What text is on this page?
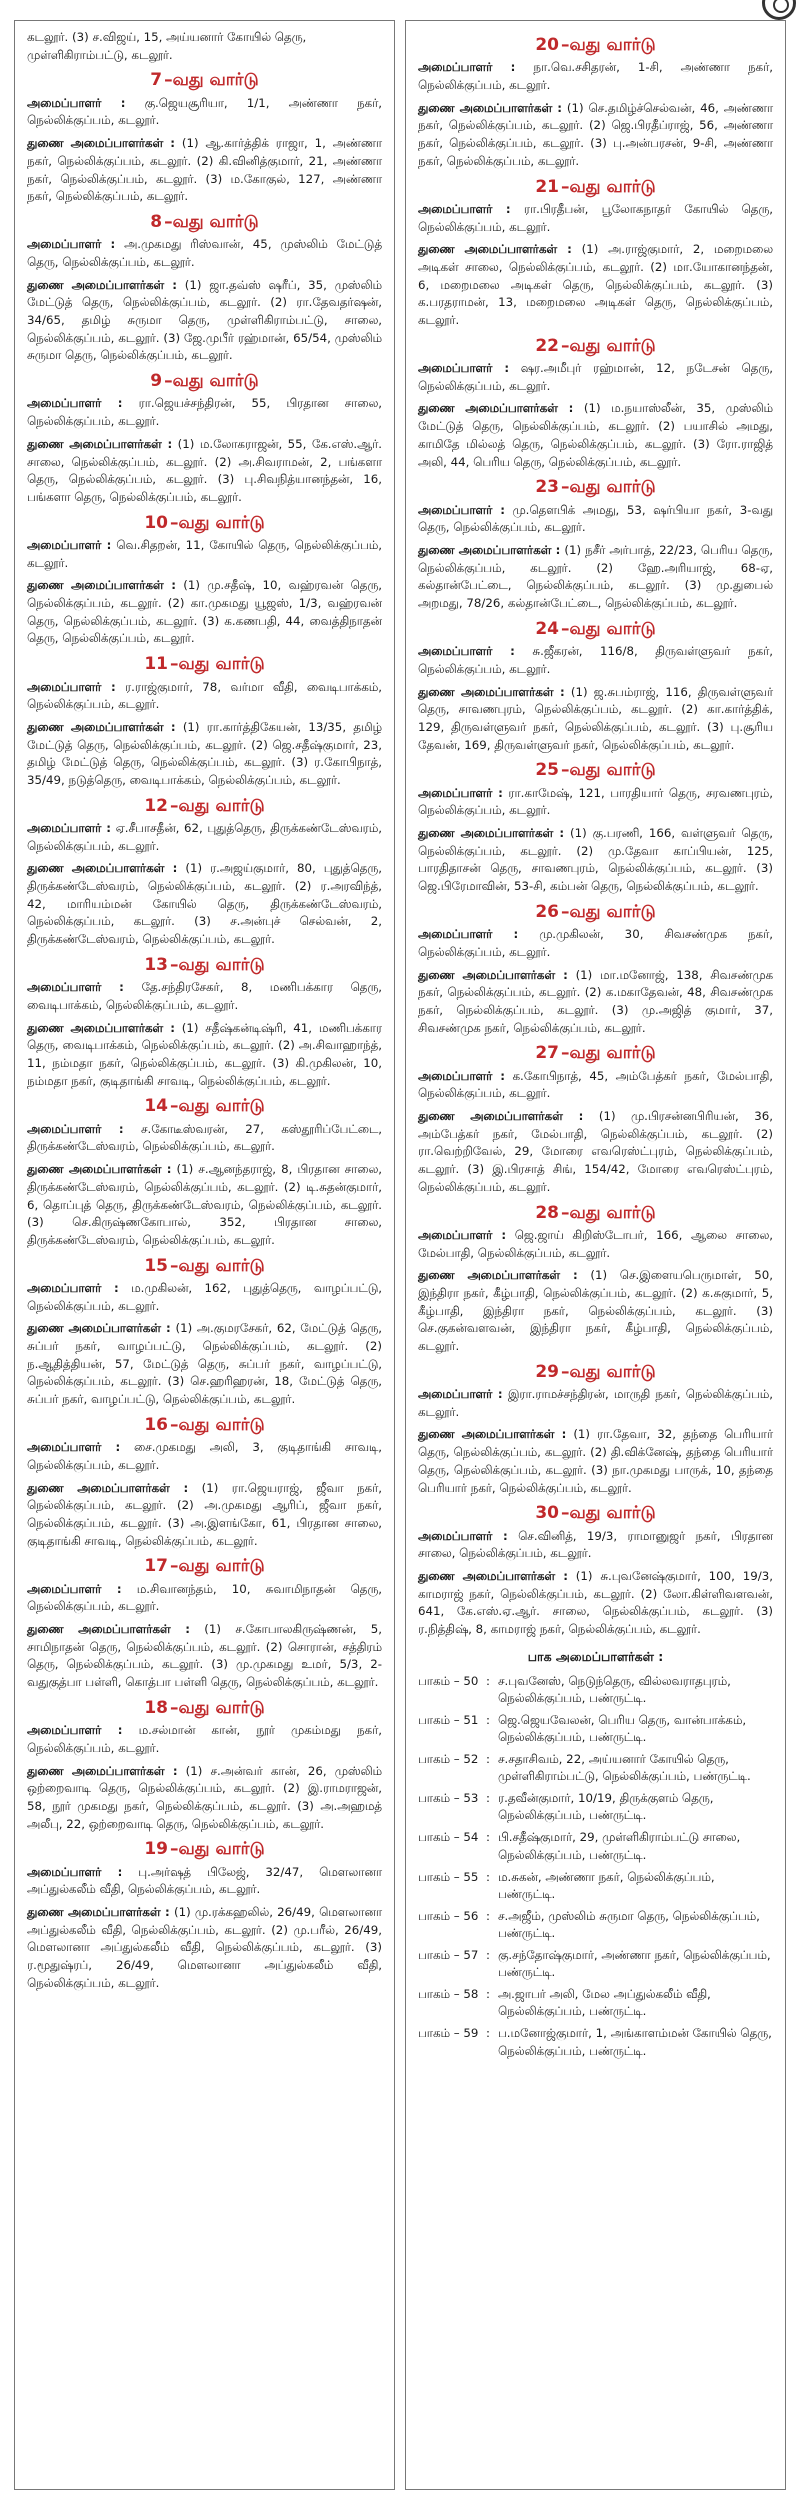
கடலூர். (3) ச.விஜய், 15, அய்யனார் கோயில் தெரு, முள்ளிகிராம்பட்டு, கடலூர்.

7 –வது வார்டு

அமைப்பாளர் : கு.ஜெயசூரியா, 1/1, அண்ணா நகர், நெல்லிக்குப்பம், கடலூர்.

துணை அமைப்பாளர்கள் : (1) ஆ.கார்த்திக் ராஜா, 1, அண்ணா நகர், நெல்லிக்குப்பம், கடலூர். (2) கி.வினித்குமார், 21, அண்ணா நகர், நெல்லிக்குப்பம், கடலூர். (3) ம.கோகுல், 127, அண்ணா நகர், நெல்லிக்குப்பம், கடலூர்.

8 –வது வார்டு

அமைப்பாளர் : அ.முகமது ரிஸ்வான், 45, முஸ்லிம் மேட்டுத் தெரு, நெல்லிக்குப்பம், கடலூர்.

துணை அமைப்பாளர்கள் : (1) ஜா.தவ்ஸ் ஷரீப், 35, முஸ்லிம் மேட்டுத் தெரு, நெல்லிக்குப்பம், கடலூர். (2) ரா.தேவதர்ஷன், 34/65, தமிழ் சுருமா தெரு, முள்ளிகிராம்பட்டு, சாலை, நெல்லிக்குப்பம், கடலூர். (3) ஜே.முபீர் ரஹ்மான், 65/54, முஸ்லிம் சுருமா தெரு, நெல்லிக்குப்பம், கடலூர்.

9 –வது வார்டு

அமைப்பாளர் : ரா.ஜெயச்சந்திரன், 55, பிரதான சாலை, நெல்லிக்குப்பம், கடலூர்.

துணை அமைப்பாளர்கள் : (1) ம.லோகராஜன், 55, கே.எஸ்.ஆர். சாலை, நெல்லிக்குப்பம், கடலூர். (2) அ.சிவராமன், 2, பங்களா தெரு, நெல்லிக்குப்பம், கடலூர். (3) பு.சிவநித்யானந்தன், 16, பங்களா தெரு, நெல்லிக்குப்பம், கடலூர்.

10 –வது வார்டு

அமைப்பாளர் : வெ.சிதறன், 11, கோயில் தெரு, நெல்லிக்குப்பம், கடலூர்.

துணை அமைப்பாளர்கள் : (1) மு.சதீஷ், 10, வஹ்ரவன் தெரு, நெல்லிக்குப்பம், கடலூர். (2) கா.முகமது யூஜஸ், 1/3, வஹ்ரவன் தெரு, நெல்லிக்குப்பம், கடலூர். (3) க.கணபதி, 44, வைத்திநாதன் தெரு, நெல்லிக்குப்பம், கடலூர்.

11 –வது வார்டு

அமைப்பாளர் : ர.ராஜ்குமார், 78, வர்மா வீதி, வைடிபாக்கம், நெல்லிக்குப்பம், கடலூர்.

துணை அமைப்பாளர்கள் : (1) ரா.கார்த்திகேயன், 13/35, தமிழ் மேட்டுத் தெரு, நெல்லிக்குப்பம், கடலூர். (2) ஜெ.சதீஷ்குமார், 23, தமிழ் மேட்டுத் தெரு, நெல்லிக்குப்பம், கடலூர். (3) ர.கோபிநாத், 35/49, நடுத்தெரு, வைடிபாக்கம், நெல்லிக்குப்பம், கடலூர்.

12 –வது வார்டு

அமைப்பாளர் : ஏ.சீபாசதீன், 62, புதுத்தெரு, திருக்கண்டேஸ்வரம், நெல்லிக்குப்பம், கடலூர்.

துணை அமைப்பாளர்கள் : (1) ர.அஜய்குமார், 80, புதுத்தெரு, திருக்கண்டேஸ்வரம், நெல்லிக்குப்பம், கடலூர். (2) ர.அரவிந்த், 42, மாரியம்மன் கோயில் தெரு, திருக்கண்டேஸ்வரம், நெல்லிக்குப்பம், கடலூர். (3) ச.அன்புச் செல்வன், 2, திருக்கண்டேஸ்வரம், நெல்லிக்குப்பம், கடலூர்.

13 –வது வார்டு

அமைப்பாளர் : தே.சந்திரசேகர், 8, மணிபக்கார தெரு, வைடிபாக்கம், நெல்லிக்குப்பம், கடலூர்.

துணை அமைப்பாளர்கள் : (1) சதீஷ்கன்டிஷ்ரி, 41, மணிபக்கார தெரு, வைடிபாக்கம், நெல்லிக்குப்பம், கடலூர். (2) அ.சிவாஹாந்த், 11, நம்மதா நகர், நெல்லிக்குப்பம், கடலூர். (3) கி.முகிலன், 10, நம்மதா நகர், குடிதாங்கி சாவடி, நெல்லிக்குப்பம், கடலூர்.

14 –வது வார்டு

அமைப்பாளர் : ச.கோடீஸ்வரன், 27, கஸ்தூரிப்பேட்டை, திருக்கண்டேஸ்வரம், நெல்லிக்குப்பம், கடலூர்.

துணை அமைப்பாளர்கள் : (1) ச.ஆனந்தராஜ், 8, பிரதான சாலை, திருக்கண்டேஸ்வரம், நெல்லிக்குப்பம், கடலூர். (2) டி.சுதன்குமார், 6, தொப்புத் தெரு, திருக்கண்டேஸ்வரம், நெல்லிக்குப்பம், கடலூர். (3) செ.கிருஷ்ணகோபால், 352, பிரதான சாலை, திருக்கண்டேஸ்வரம், நெல்லிக்குப்பம், கடலூர்.

15 –வது வார்டு

அமைப்பாளர் : ம.முகிலன், 162, புதுத்தெரு, வாழப்பட்டு, நெல்லிக்குப்பம், கடலூர்.

துணை அமைப்பாளர்கள் : (1) அ.குமரசேகர், 62, மேட்டுத் தெரு, சுப்பர் நகர், வாழப்பட்டு, நெல்லிக்குப்பம், கடலூர். (2) ந.ஆதித்தியன், 57, மேட்டுத் தெரு, சுப்பர் நகர், வாழப்பட்டு, நெல்லிக்குப்பம், கடலூர். (3) செ.ஹரிஹரன், 18, மேட்டுத் தெரு, சுப்பர் நகர், வாழப்பட்டு, நெல்லிக்குப்பம், கடலூர்.

16 –வது வார்டு

அமைப்பாளர் : சை.முகமது அலி, 3, குடிதாங்கி சாவடி, நெல்லிக்குப்பம், கடலூர்.

துணை அமைப்பாளர்கள் : (1) ரா.ஜெயராஜ், ஜீவா நகர், நெல்லிக்குப்பம், கடலூர். (2) அ.முகமது ஆரிப், ஜீவா நகர், நெல்லிக்குப்பம், கடலூர். (3) அ.இளங்கோ, 61, பிரதான சாலை, குடிதாங்கி சாவடி, நெல்லிக்குப்பம், கடலூர்.

17 –வது வார்டு

அமைப்பாளர் : ம.சிவானந்தம், 10, சுவாமிநாதன் தெரு, நெல்லிக்குப்பம், கடலூர்.

துணை அமைப்பாளர்கள் : (1) ச.கோபாலகிருஷ்ணன், 5, சாமிநாதன் தெரு, நெல்லிக்குப்பம், கடலூர். (2) சொரான், சத்திரம் தெரு, நெல்லிக்குப்பம், கடலூர். (3) மு.முகமது உமர், 5/3, 2-வதுகுத்பா பள்ளி, கொத்பா பள்ளி தெரு, நெல்லிக்குப்பம், கடலூர்.

18 –வது வார்டு

அமைப்பாளர் : ம.சல்மான் கான், நூர் முகம்மது நகர், நெல்லிக்குப்பம், கடலூர்.

துணை அமைப்பாளர்கள் : (1) ச.அன்வர் கான், 26, முஸ்லிம் ஒற்றைவாடி தெரு, நெல்லிக்குப்பம், கடலூர். (2) இ.ராமராஜன், 58, நூர் முகமது நகர், நெல்லிக்குப்பம், கடலூர். (3) அ.அஹமத் அலீபு, 22, ஒற்றைவாடி தெரு, நெல்லிக்குப்பம், கடலூர்.

19 –வது வார்டு

அமைப்பாளர் : பு.அர்ஷத் பிலேஜ், 32/47, மௌலானா அப்துல்கலீம் வீதி, நெல்லிக்குப்பம், கடலூர்.

துணை அமைப்பாளர்கள் : (1) மு.ரக்கஹலில், 26/49, மௌலானா அப்துல்கலீம் வீதி, நெல்லிக்குப்பம், கடலூர். (2) மு.பரீல், 26/49, மௌலானா அப்துல்கலீம் வீதி, நெல்லிக்குப்பம், கடலூர். (3) ர.மூதுஷ்ரப், 26/49, மௌலானா அப்துல்கலீம் வீதி, நெல்லிக்குப்பம், கடலூர்.

20 –வது வார்டு

அமைப்பாளர் : நா.வெ.சசிதரன், 1-சி, அண்ணா நகர், நெல்லிக்குப்பம், கடலூர்.

துணை அமைப்பாளர்கள் : (1) செ.தமிழ்ச்செல்வன், 46, அண்ணா நகர், நெல்லிக்குப்பம், கடலூர். (2) ஜெ.பிரதீப்ராஜ், 56, அண்ணா நகர், நெல்லிக்குப்பம், கடலூர். (3) பு.அன்பரசன், 9-சி, அண்ணா நகர், நெல்லிக்குப்பம், கடலூர்.

21 –வது வார்டு

அமைப்பாளர் : ரா.பிரதீபன், பூலோகநாதர் கோயில் தெரு, நெல்லிக்குப்பம், கடலூர்.

துணை அமைப்பாளர்கள் : (1) அ.ராஜ்குமார், 2, மறைமலை அடிகள் சாலை, நெல்லிக்குப்பம், கடலூர். (2) மா.யோகானந்தன், 6, மறைமலை அடிகள் தெரு, நெல்லிக்குப்பம், கடலூர். (3) க.பரதராமன், 13, மறைமலை அடிகள் தெரு, நெல்லிக்குப்பம், கடலூர்.

22 –வது வார்டு

அமைப்பாளர் : ஷர.அமீபுர் ரஹ்மான், 12, நடேசன் தெரு, நெல்லிக்குப்பம், கடலூர்.

துணை அமைப்பாளர்கள் : (1) ம.நயாஸ்லீன், 35, முஸ்லிம் மேட்டுத் தெரு, நெல்லிக்குப்பம், கடலூர். (2) பயாசில் அமது, காமிதே மில்லத் தெரு, நெல்லிக்குப்பம், கடலூர். (3) ரோ.ராஜித் அலி, 44, பெரிய தெரு, நெல்லிக்குப்பம், கடலூர்.

23 –வது வார்டு

அமைப்பாளர் : மு.தெளபிக் அமது, 53, ஷர்பியா நகர், 3-வது தெரு, நெல்லிக்குப்பம், கடலூர்.

துணை அமைப்பாளர்கள் : (1) நசீர் அர்பாத், 22/23, பெரிய தெரு, நெல்லிக்குப்பம், கடலூர். (2) ஹே.அரியாஜ், 68-ஏ, கல்தான்பேட்டை, நெல்லிக்குப்பம், கடலூர். (3) மு.துபைல் அறமது, 78/26, கல்தான்பேட்டை, நெல்லிக்குப்பம், கடலூர்.

24 –வது வார்டு

அமைப்பாளர் : சு.ஜீகரன், 116/8, திருவள்ளுவர் நகர், நெல்லிக்குப்பம், கடலூர்.

துணை அமைப்பாளர்கள் : (1) ஜ.சுபம்ராஜ், 116, திருவள்ளுவர் தெரு, சாவணபுரம், நெல்லிக்குப்பம், கடலூர். (2) கா.கார்த்திக், 129, திருவள்ளுவர் நகர், நெல்லிக்குப்பம், கடலூர். (3) பு.சூரிய தேவன், 169, திருவள்ளுவர் நகர், நெல்லிக்குப்பம், கடலூர்.

25 –வது வார்டு

அமைப்பாளர் : ரா.காமேஷ், 121, பாரதியார் தெரு, சரவணபுரம், நெல்லிக்குப்பம், கடலூர்.

துணை அமைப்பாளர்கள் : (1) கு.பரணி, 166, வள்ளுவர் தெரு, நெல்லிக்குப்பம், கடலூர். (2) மு.தேவா காப்பியன், 125, பாரதிதாசன் தெரு, சாவணபுரம், நெல்லிக்குப்பம், கடலூர். (3) ஜெ.பிரேமாவின், 53-சி, கம்பன் தெரு, நெல்லிக்குப்பம், கடலூர்.

26 –வது வார்டு

அமைப்பாளர் : மு.முகிலன், 30, சிவசண்முக நகர், நெல்லிக்குப்பம், கடலூர்.

துணை அமைப்பாளர்கள் : (1) மா.மனோஜ், 138, சிவசண்முக நகர், நெல்லிக்குப்பம், கடலூர். (2) க.மகாதேவன், 48, சிவசண்முக நகர், நெல்லிக்குப்பம், கடலூர். (3) மு.அஜித் குமார், 37, சிவசண்முக நகர், நெல்லிக்குப்பம், கடலூர்.

27 –வது வார்டு

அமைப்பாளர் : க.கோபிநாத், 45, அம்பேத்கர் நகர், மேல்பாதி, நெல்லிக்குப்பம், கடலூர்.

துணை அமைப்பாளர்கள் : (1) மு.பிரசன்னபிரியன், 36, அம்பேத்கர் நகர், மேல்பாதி, நெல்லிக்குப்பம், கடலூர். (2) ரா.வெற்றிவேல், 29, மோரை எவரெஸ்ட்புரம், நெல்லிக்குப்பம், கடலூர். (3) இ.பிரசாத் சிங், 154/42, மோரை எவரெஸ்ட்புரம், நெல்லிக்குப்பம், கடலூர்.

28 –வது வார்டு

அமைப்பாளர் : ஜெ.ஜாய் கிறிஸ்டோபர், 166, ஆலை சாலை, மேல்பாதி, நெல்லிக்குப்பம், கடலூர்.

துணை அமைப்பாளர்கள் : (1) செ.இளையபெருமாள், 50, இந்திரா நகர், கீழ்பாதி, நெல்லிக்குப்பம், கடலூர். (2) க.சுகுமார், 5, கீழ்பாதி, இந்திரா நகர், நெல்லிக்குப்பம், கடலூர். (3) செ.குகன்வளவன், இந்திரா நகர், கீழ்பாதி, நெல்லிக்குப்பம், கடலூர்.

29 –வது வார்டு

அமைப்பாளர் : இரா.ராமச்சந்திரன், மாருதி நகர், நெல்லிக்குப்பம், கடலூர்.

துணை அமைப்பாளர்கள் : (1) ரா.தேவா, 32, தந்தை பெரியார் தெரு, நெல்லிக்குப்பம், கடலூர். (2) தி.விக்னேஷ், தந்தை பெரியார் தெரு, நெல்லிக்குப்பம், கடலூர். (3) நா.முகமது பாருக், 10, தந்தை பெரியார் நகர், நெல்லிக்குப்பம், கடலூர்.

30 –வது வார்டு

அமைப்பாளர் : செ.வினித், 19/3, ராமானுஜர் நகர், பிரதான சாலை, நெல்லிக்குப்பம், கடலூர்.

துணை அமைப்பாளர்கள் : (1) சு.புவனேஷ்குமார், 100, 19/3, காமராஜ் நகர், நெல்லிக்குப்பம், கடலூர். (2) லோ.கிள்ளிவளவன், 641, கே.எஸ்.ஏ.ஆர். சாலை, நெல்லிக்குப்பம், கடலூர். (3) ர.நித்திஷ், 8, காமராஜ் நகர், நெல்லிக்குப்பம், கடலூர்.

பாக அமைப்பாளர்கள் :
பாகம் – 50	:	ச.புவனேஸ், நெடுந்தெரு, வில்லவராதபுரம், நெல்லிக்குப்பம், பண்ருட்டி.
பாகம் – 51	:	ஜெ.ஜெயவேலன், பெரிய தெரு, வான்பாக்கம், நெல்லிக்குப்பம், பண்ருட்டி.
பாகம் – 52	:	ச.சதாசிவம், 22, அய்யனார் கோயில் தெரு, முள்ளிகிராம்பட்டு, நெல்லிக்குப்பம், பண்ருட்டி.
பாகம் – 53	:	ர.தவீன்குமார், 10/19, திருக்குளம் தெரு, நெல்லிக்குப்பம், பண்ருட்டி.
பாகம் – 54	:	பி.சதீஷ்குமார், 29, முள்ளிகிராம்பட்டு சாலை, நெல்லிக்குப்பம், பண்ருட்டி.
பாகம் – 55	:	ம.சுகன், அண்ணா நகர், நெல்லிக்குப்பம், பண்ருட்டி.
பாகம் – 56	:	ச.அஜீம், முஸ்லிம் சுருமா தெரு, நெல்லிக்குப்பம், பண்ருட்டி.
பாகம் – 57	:	கு.சந்தோஷ்குமார், அண்ணா நகர், நெல்லிக்குப்பம், பண்ருட்டி.
பாகம் – 58	:	அ.ஜாபர் அலி, மேல அப்துல்கலீம் வீதி, நெல்லிக்குப்பம், பண்ருட்டி.
பாகம் – 59	:	ப.மனோஜ்குமார், 1, அங்காளம்மன் கோயில் தெரு, நெல்லிக்குப்பம், பண்ருட்டி.
